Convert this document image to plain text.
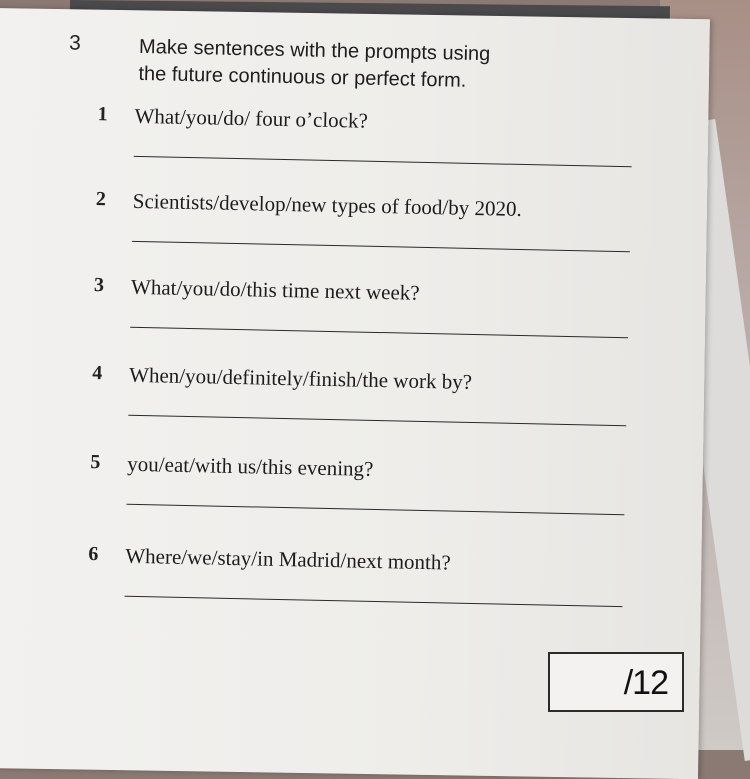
3	Make sentences with the prompts using
the future continuous or perfect form.
1 What/you/do/ four o’clock?
2 Scientists/develop/new types of food/by 2020.
3 What/you/do/this time next week?
4 When/you/definitely/finish/the work by?
5 you/eat/with us/this evening?
6 Where/we/stay/in Madrid/next month?
/12
